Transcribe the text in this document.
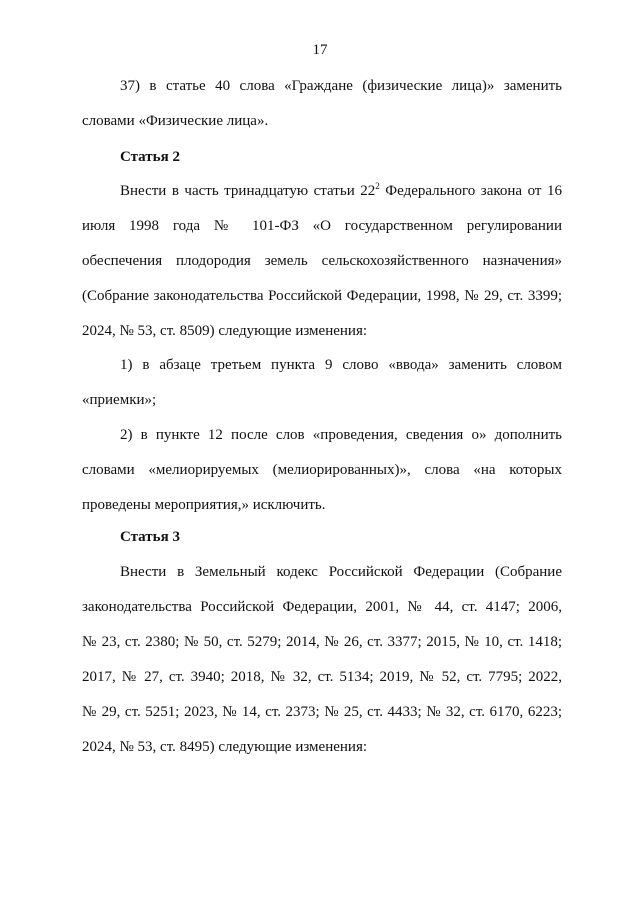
17
37) в статье 40 слова «Граждане (физические лица)» заменить
словами «Физические лица».
Статья 2
Внести в часть тринадцатую статьи $22^2$ Федерального закона от 16
июля 1998 года № 101-ФЗ «О государственном регулировании
обеспечения плодородия земель сельскохозяйственного назначения»
(Собрание законодательства Российской Федерации, 1998, № 29, ст. 3399;
2024, № 53, ст. 8509) следующие изменения:
1) в абзаце третьем пункта 9 слово «ввода» заменить словом
«приемки»;
2) в пункте 12 после слов «проведения, сведения о» дополнить
словами «мелиорируемых (мелиорированных)», слова «на которых
проведены мероприятия,» исключить.
Статья 3
Внести в Земельный кодекс Российской Федерации (Собрание
законодательства Российской Федерации, 2001, № 44, ст. 4147; 2006,
№ 23, ст. 2380; № 50, ст. 5279; 2014, № 26, ст. 3377; 2015, № 10, ст. 1418;
2017, № 27, ст. 3940; 2018, № 32, ст. 5134; 2019, № 52, ст. 7795; 2022,
№ 29, ст. 5251; 2023, № 14, ст. 2373; № 25, ст. 4433; № 32, ст. 6170, 6223;
2024, № 53, ст. 8495) следующие изменения:
